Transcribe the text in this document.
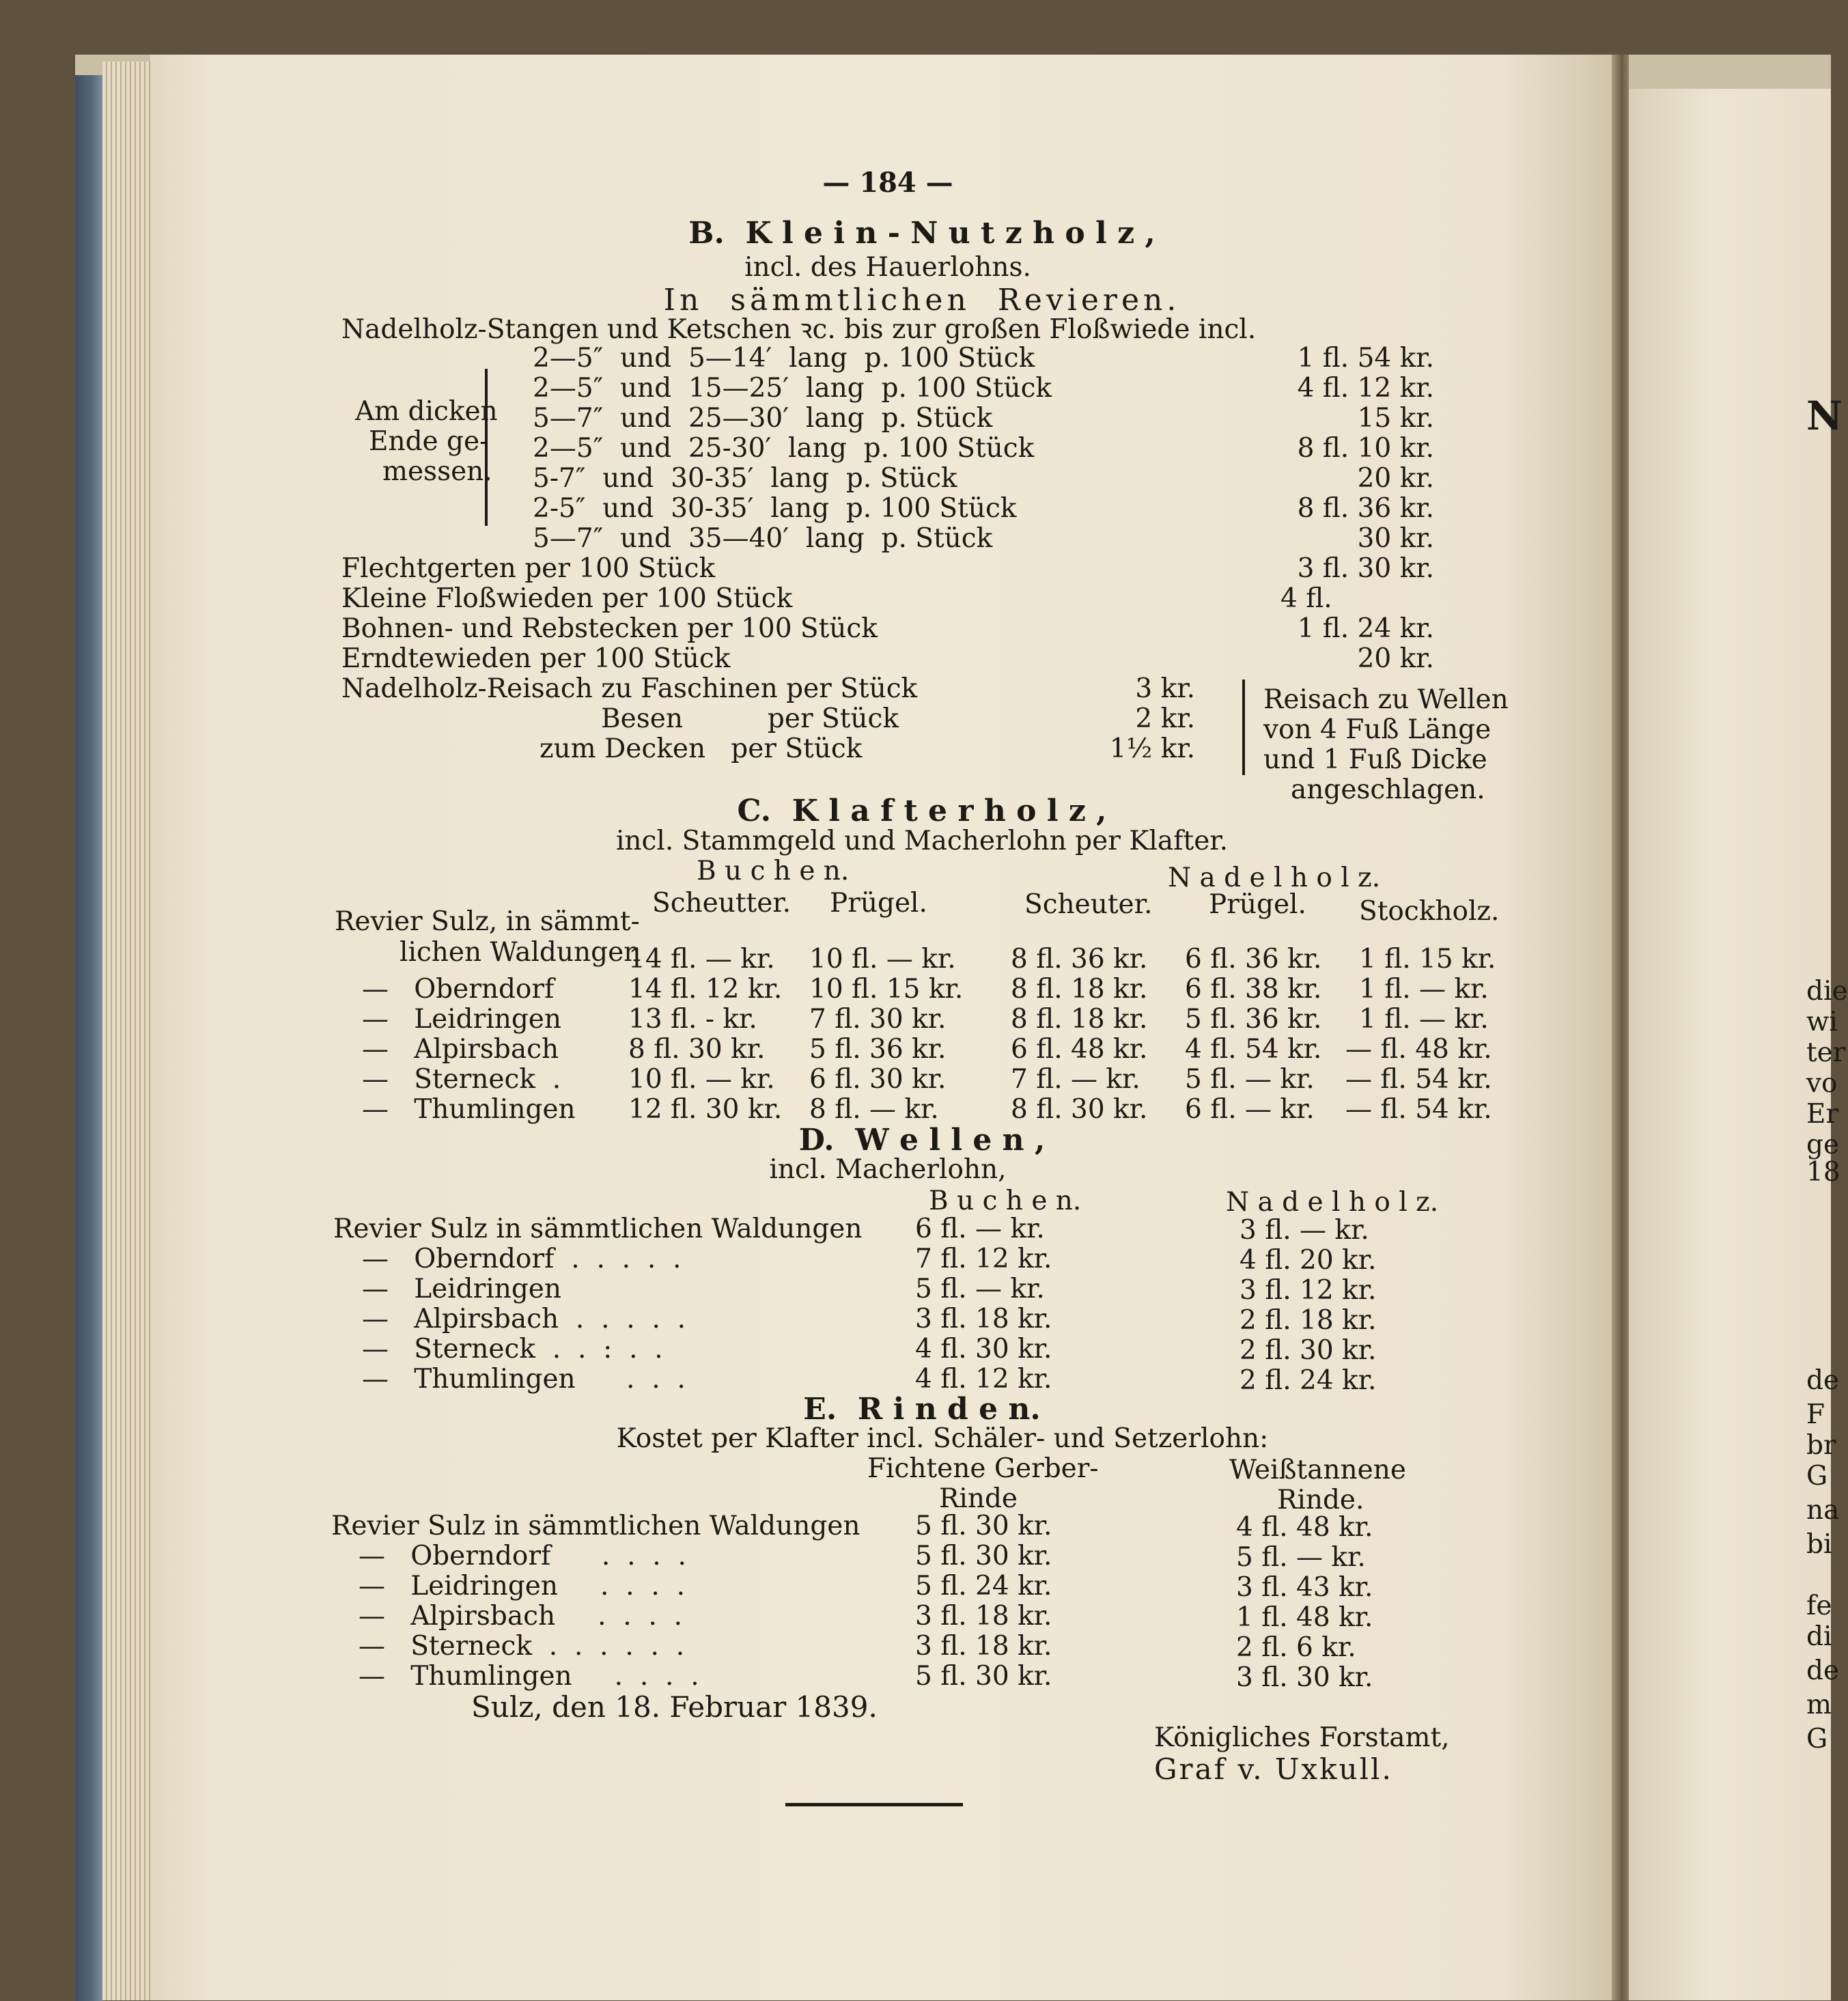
— 184 —
B.  K l e i n - N u t z h o l z ,
incl. des Hauerlohns.
In  sämmtlichen  Revieren.
Nadelholz-Stangen und Ketschen ꝛc. bis zur großen Floßwiede incl.
Am dicken
Ende ge-
messen.
2—5″  und  5—14′  lang  p. 100 Stück	1 fl. 54 kr.
2—5″  und  15—25′  lang  p. 100 Stück	4 fl. 12 kr.
5—7″  und  25—30′  lang  p. Stück	15 kr.
2—5″  und  25-30′  lang  p. 100 Stück	8 fl. 10 kr.
5-7″  und  30-35′  lang  p. Stück	20 kr.
2-5″  und  30-35′  lang  p. 100 Stück	8 fl. 36 kr.
5—7″  und  35—40′  lang  p. Stück	30 kr.
Flechtgerten per 100 Stück	3 fl. 30 kr.
Kleine Floßwieden per 100 Stück	4 fl.
Bohnen- und Rebstecken per 100 Stück	1 fl. 24 kr.
Erndtewieden per 100 Stück	20 kr.
Nadelholz-Reisach zu Faschinen per Stück	3 kr.
Besen          per Stück	2 kr.
zum Decken   per Stück	1½ kr.
Reisach zu Wellen
von 4 Fuß Länge
und 1 Fuß Dicke
angeschlagen.
C.  K l a f t e r h o l z ,
incl. Stammgeld und Macherlohn per Klafter.
B u c h e n.	N a d e l h o l z.
Scheutter. Prügel.	Scheuter. Prügel. Stockholz.
Revier Sulz, in sämmt-
lichen Waldungen
14 fl. — kr. 10 fl. — kr. 8 fl. 36 kr. 6 fl. 36 kr. 1 fl. 15 kr.
—   Oberndorf	14 fl. 12 kr. 10 fl. 15 kr. 8 fl. 18 kr. 6 fl. 38 kr. 1 fl. — kr.
—   Leidringen	13 fl. - kr. 7 fl. 30 kr. 8 fl. 18 kr. 5 fl. 36 kr. 1 fl. — kr.
—   Alpirsbach	8 fl. 30 kr. 5 fl. 36 kr. 6 fl. 48 kr. 4 fl. 54 kr. — fl. 48 kr.
—   Sterneck  .	10 fl. — kr. 6 fl. 30 kr. 7 fl. — kr. 5 fl. — kr. — fl. 54 kr.
—   Thumlingen 12 fl. 30 kr. 8 fl. — kr.	8 fl. 30 kr. 6 fl. — kr. — fl. 54 kr.
D.  W e l l e n ,
incl. Macherlohn,
B u c h e n.	N a d e l h o l z.
Revier Sulz in sämmtlichen Waldungen 6 fl. — kr.	3 fl. — kr.
—   Oberndorf  .  .  .  .  .	7 fl. 12 kr.	4 fl. 20 kr.
—   Leidringen	5 fl. — kr.	3 fl. 12 kr.
—   Alpirsbach  .  .  .  .  .	3 fl. 18 kr.	2 fl. 18 kr.
—   Sterneck  .  .  :  .  .	4 fl. 30 kr.	2 fl. 30 kr.
—   Thumlingen      .  .  .	4 fl. 12 kr.	2 fl. 24 kr.
E.  R i n d e n.
Kostet per Klafter incl. Schäler- und Setzerlohn:
Fichtene Gerber-
Rinde
Weißtannene
Rinde.
Revier Sulz in sämmtlichen Waldungen 5 fl. 30 kr.	4 fl. 48 kr.
—   Oberndorf      .  .  .  .	5 fl. 30 kr.	5 fl. — kr.
—   Leidringen     .  .  .  .	5 fl. 24 kr.	3 fl. 43 kr.
—   Alpirsbach     .  .  .  .	3 fl. 18 kr.	1 fl. 48 kr.
—   Sterneck  .  .  .  .  .  .	3 fl. 18 kr.	2 fl. 6 kr.
—   Thumlingen     .  .  .  .	5 fl. 30 kr.	3 fl. 30 kr.
Sulz, den 18. Februar 1839.
Königliches Forstamt,
Graf v. Uxkull.
N
die
wi
ter
vo
Er
ge
18
de
F
br
G
na
bi
fe
di
de
m
G
